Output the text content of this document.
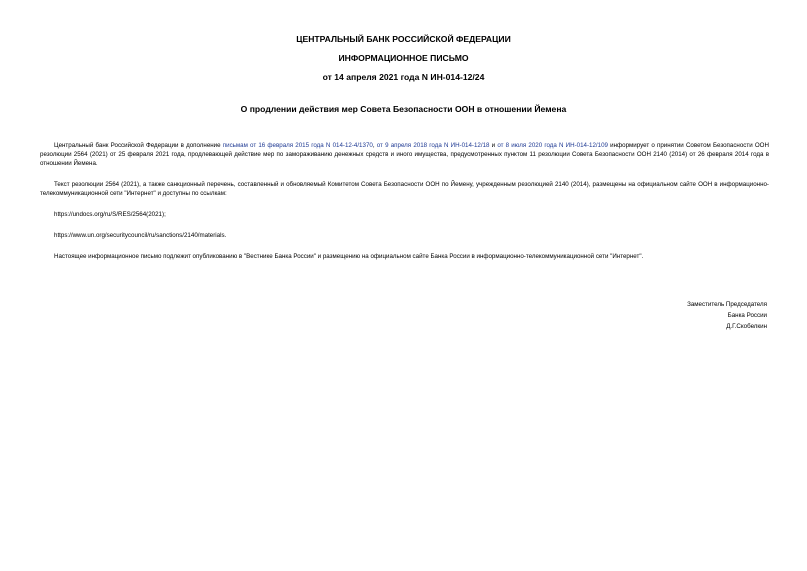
ЦЕНТРАЛЬНЫЙ БАНК РОССИЙСКОЙ ФЕДЕРАЦИИ
ИНФОРМАЦИОННОЕ ПИСЬМО
от 14 апреля 2021 года N ИН-014-12/24
О продлении действия мер Совета Безопасности ООН в отношении Йемена

Центральный банк Российской Федерации в дополнение письмам от 16 февраля 2015 года N 014-12-4/1370, от 9 апреля 2018 года N ИН-014-12/18 и от 8 июля 2020 года N ИН-014-12/109 информирует о принятии Советом Безопасности ООН резолюции 2564 (2021) от 25 февраля 2021 года, продлевающей действие мер по замораживанию денежных средств и иного имущества, предусмотренных пунктом 11 резолюции Совета Безопасности ООН 2140 (2014) от 26 февраля 2014 года в отношении Йемена.

Текст резолюции 2564 (2021), а также санкционный перечень, составленный и обновляемый Комитетом Совета Безопасности ООН по Йемену, учрежденным резолюцией 2140 (2014), размещены на официальном сайте ООН в информационно-телекоммуникационной сети "Интернет" и доступны по ссылкам:

https://undocs.org/ru/S/RES/2564(2021);

https://www.un.org/securitycouncil/ru/sanctions/2140/materials.

Настоящее информационное письмо подлежит опубликованию в "Вестнике Банка России" и размещению на официальном сайте Банка России в информационно-телекоммуникационной сети "Интернет".

Заместитель Председателя
Банка России
Д.Г.Скобелкин
